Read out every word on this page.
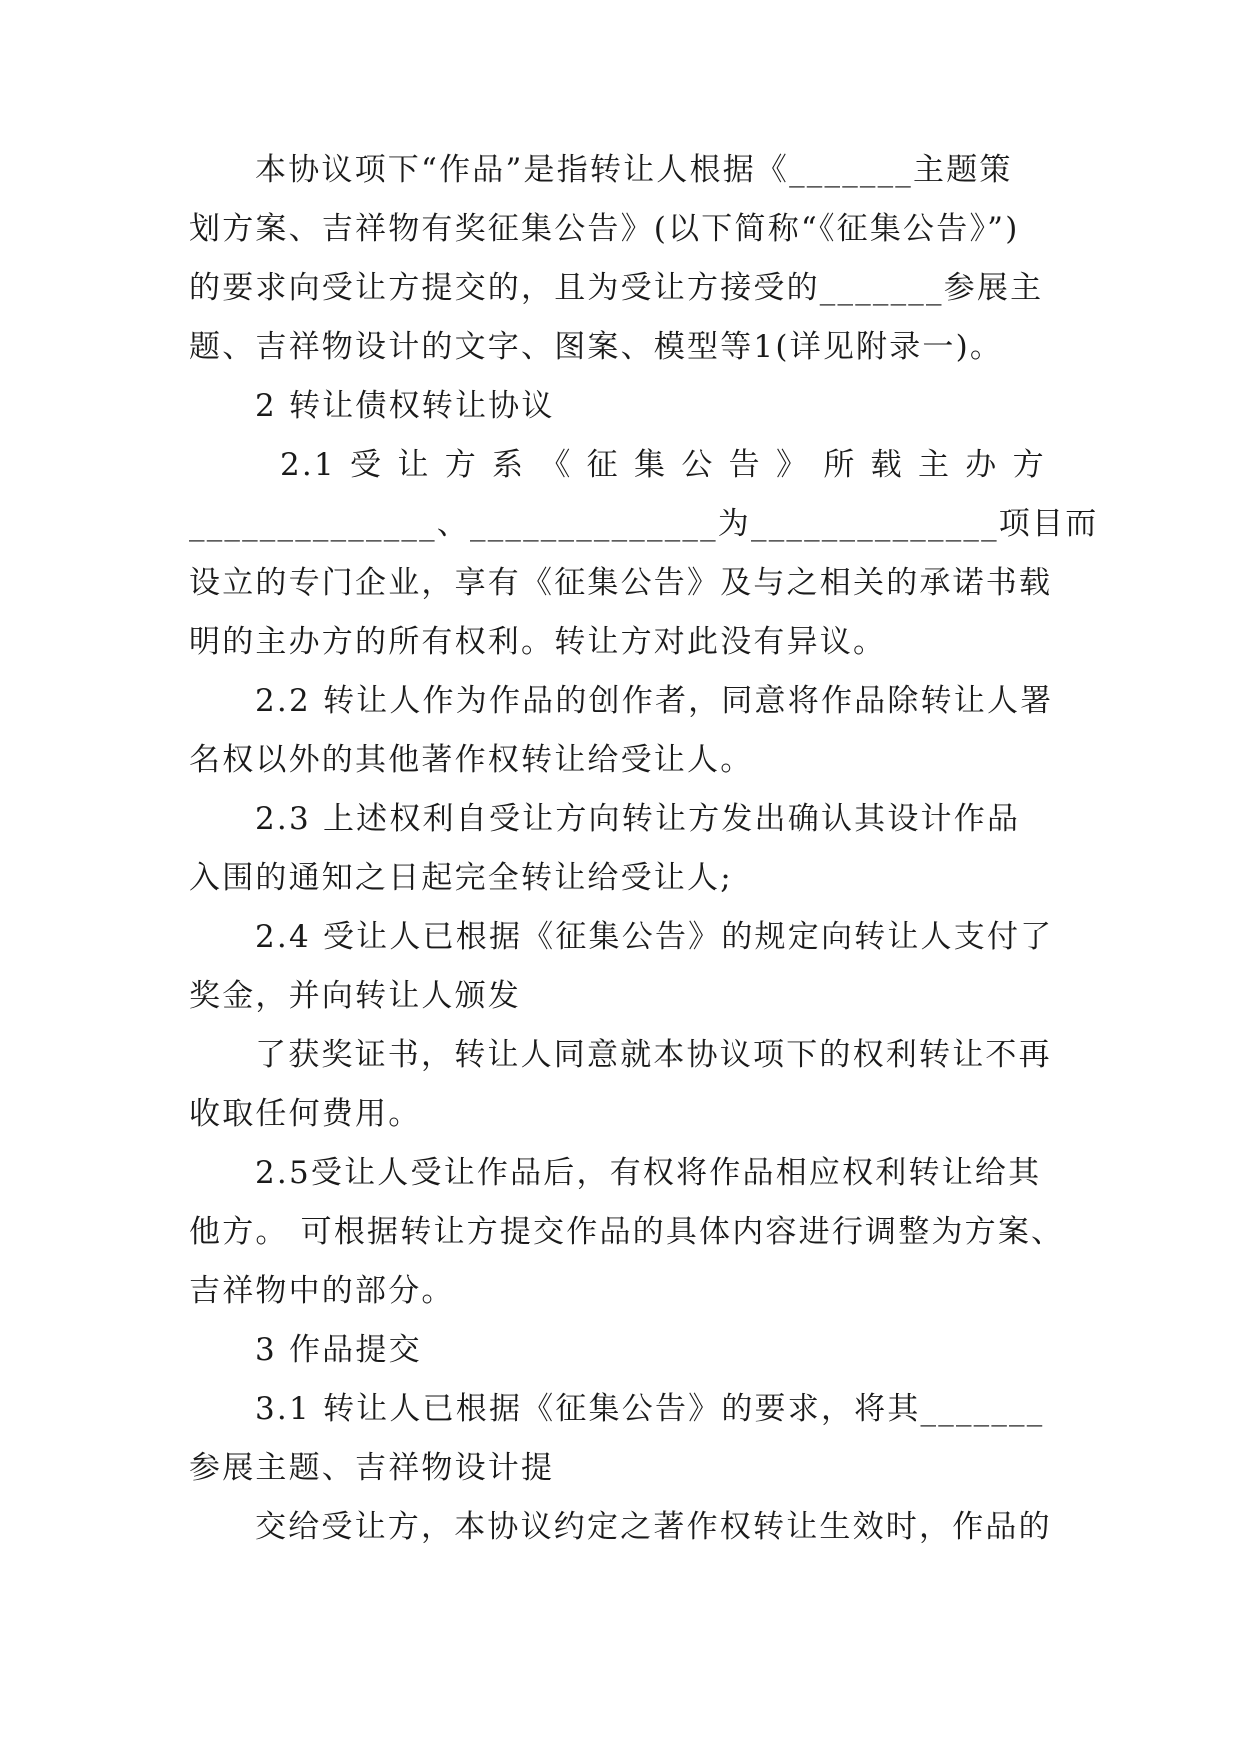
本协议项下“作品”是指转让人根据《_______主题策
划方案、吉祥物有奖征集公告》(以下简称“《征集公告》”)
的要求向受让方提交的，且为受让方接受的_______参展主
题、吉祥物设计的文字、图案、模型等1(详见附录一)。
2 转让债权转让协议
2.1 受 让 方 系 《 征 集 公 告 》 所 载 主 办 方
______________、______________为______________项目而
设立的专门企业，享有《征集公告》及与之相关的承诺书载
明的主办方的所有权利。转让方对此没有异议。
2.2 转让人作为作品的创作者，同意将作品除转让人署
名权以外的其他著作权转让给受让人。
2.3 上述权利自受让方向转让方发出确认其设计作品
入围的通知之日起完全转让给受让人;
2.4 受让人已根据《征集公告》的规定向转让人支付了
奖金，并向转让人颁发
了获奖证书，转让人同意就本协议项下的权利转让不再
收取任何费用。
2.5受让人受让作品后，有权将作品相应权利转让给其
他方。 可根据转让方提交作品的具体内容进行调整为方案、
吉祥物中的部分。
3 作品提交
3.1 转让人已根据《征集公告》的要求，将其_______
参展主题、吉祥物设计提
交给受让方，本协议约定之著作权转让生效时，作品的
